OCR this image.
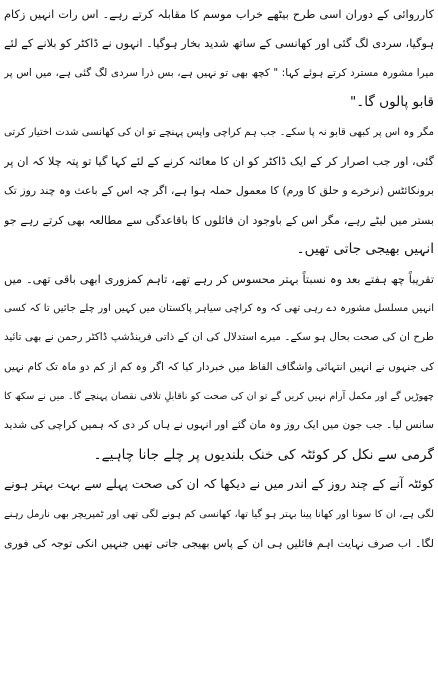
کارروائی کے دوران اسی طرح بیٹھے خراب موسم کا مقابلہ کرتے رہے۔ اس رات انہیں زکام
ہوگیا، سردی لگ گئی اور کھانسی کے ساتھ شدید بخار ہوگیا۔ انہوں نے ڈاکٹر کو بلانے کے لئے
میرا مشورہ مسترد کرتے ہوئے کہا: " کچھ بھی تو نہیں ہے، بس ذرا سردی لگ گئی ہے، میں اس پر
قابو پالوں گا۔"
مگر وہ اس پر کبھی قابو نہ پا سکے۔ جب ہم کراچی واپس پہنچے تو ان کی کھانسی شدت اختیار کرتی
گئی، اور جب اصرار کر کے ایک ڈاکٹر کو ان کا معائنہ کرنے کے لئے کہا گیا تو پتہ چلا کہ ان پر
برونکائٹس (نرخرے و حلق کا ورم) کا معمول حملہ ہوا ہے، اگر چہ اس کے باعث وہ چند روز تک
بستر میں لیٹے رہے، مگر اس کے باوجود ان فائلوں کا باقاعدگی سے مطالعہ بھی کرتے رہے جو
انہیں بھیجی جاتی تھیں۔
تقریباً چھ ہفتے بعد وہ نسبتاً بہتر محسوس کر رہے تھے، تاہم کمزوری ابھی باقی تھی۔ میں
انہیں مسلسل مشورہ دے رہی تھی کہ وہ کراچی سیاہر پاکستان میں کہیں اور چلے جائیں تا کہ کسی
طرح ان کی صحت بحال ہو سکے۔ میرے استدلال کی ان کے ذاتی فرینڈشپ ڈاکٹر رحمن نے بھی تائید
کی جنہوں نے انہیں انتہائی واشگاف الفاظ میں خبردار کیا کہ اگر وہ کم از کم دو ماہ تک کام نہیں
چھوڑیں گے اور مکمل آرام نہیں کریں گے تو ان کی صحت کو ناقابلِ تلافی نقصان پہنچے گا۔ میں نے سکھ کا
سانس لیا۔ جب جون میں ایک روز وہ مان گئے اور انہوں نے ہاں کر دی کہ ہمیں کراچی کی شدید
گرمی سے نکل کر کوئٹہ کی خنک بلندیوں پر چلے جانا چاہیے۔
کوئٹہ آنے کے چند روز کے اندر میں نے دیکھا کہ ان کی صحت پہلے سے بہت بہتر ہونے
لگی ہے، ان کا سونا اور کھانا پینا بہتر ہو گیا تھا، کھانسی کم ہونے لگی تھی اور ٹمپریچر بھی نارمل رہنے
لگا۔ اب صرف نہایت اہم فائلیں ہی ان کے پاس بھیجی جاتی تھیں جنہیں انکی توجہ کی فوری
